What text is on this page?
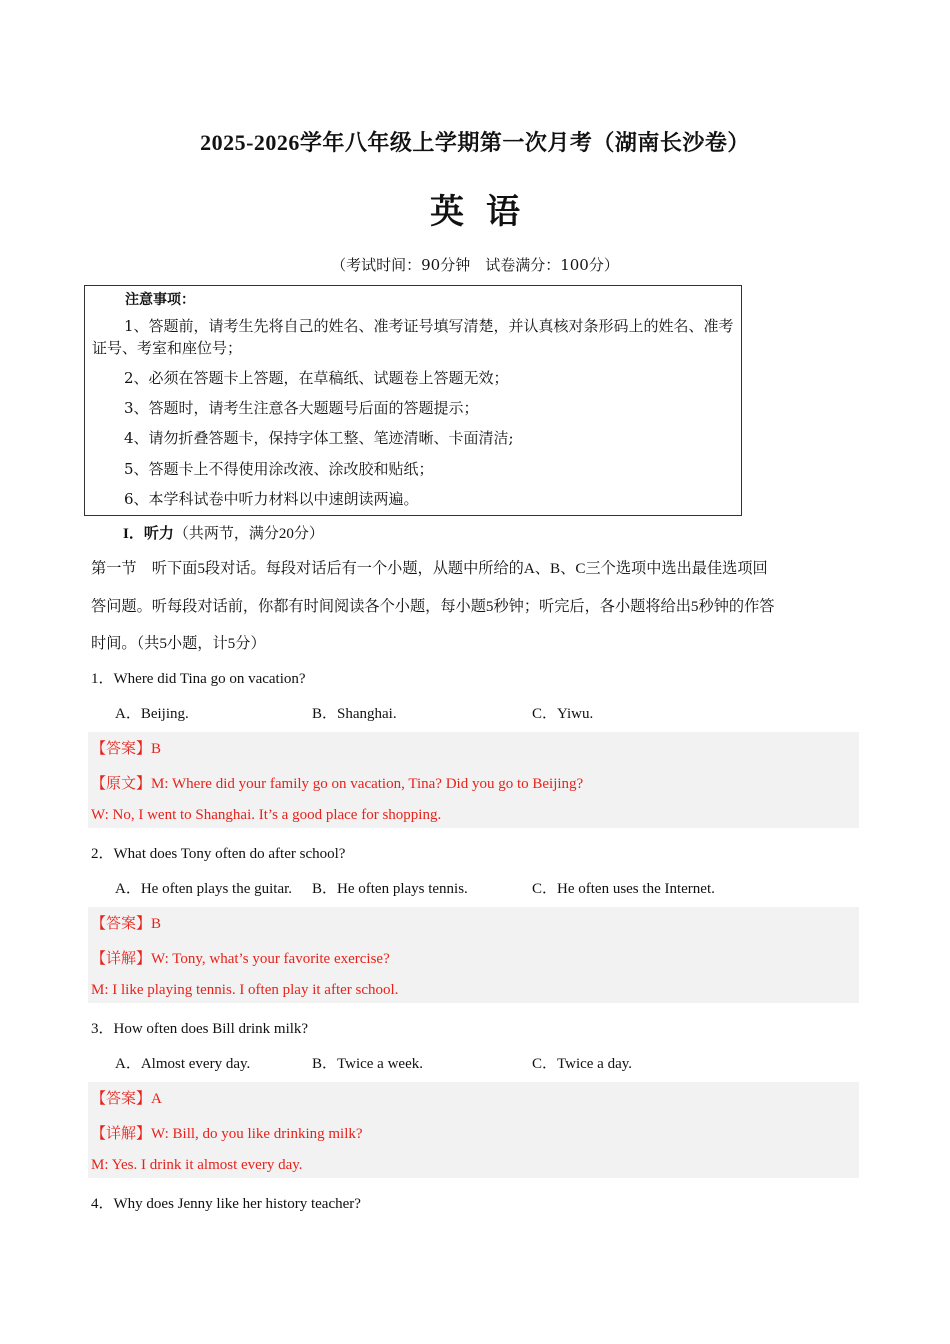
2025-2026学年八年级上学期第一次月考（湖南长沙卷）
英语
（考试时间：90分钟　试卷满分：100分）
注意事项：
1、答题前，请考生先将自己的姓名、准考证号填写清楚，并认真核对条形码上的姓名、准考证号、考室和座位号；
2、必须在答题卡上答题，在草稿纸、试题卷上答题无效；
3、答题时，请考生注意各大题题号后面的答题提示；
4、请勿折叠答题卡，保持字体工整、笔迹清晰、卡面清洁;
5、答题卡上不得使用涂改液、涂改胶和贴纸；
6、本学科试卷中听力材料以中速朗读两遍。
I．听力（共两节，满分20分）
第一节　听下面5段对话。每段对话后有一个小题，从题中所给的A、B、C三个选项中选出最佳选项回
答问题。听每段对话前，你都有时间阅读各个小题，每小题5秒钟；听完后，各小题将给出5秒钟的作答
时间。（共5小题，计5分）
1．Where did Tina go on vacation?
A．Beijing.	B．Shanghai.	C．Yiwu.
【答案】B
【原文】M: Where did your family go on vacation, Tina? Did you go to Beijing?
W: No, I went to Shanghai. It’s a good place for shopping.
2．What does Tony often do after school?
A．He often plays the guitar. B．He often plays tennis.	C．He often uses the Internet.
【答案】B
【详解】W: Tony, what’s your favorite exercise?
M: I like playing tennis. I often play it after school.
3．How often does Bill drink milk?
A．Almost every day.	B．Twice a week.	C．Twice a day.
【答案】A
【详解】W: Bill, do you like drinking milk?
M: Yes. I drink it almost every day.
4．Why does Jenny like her history teacher?
